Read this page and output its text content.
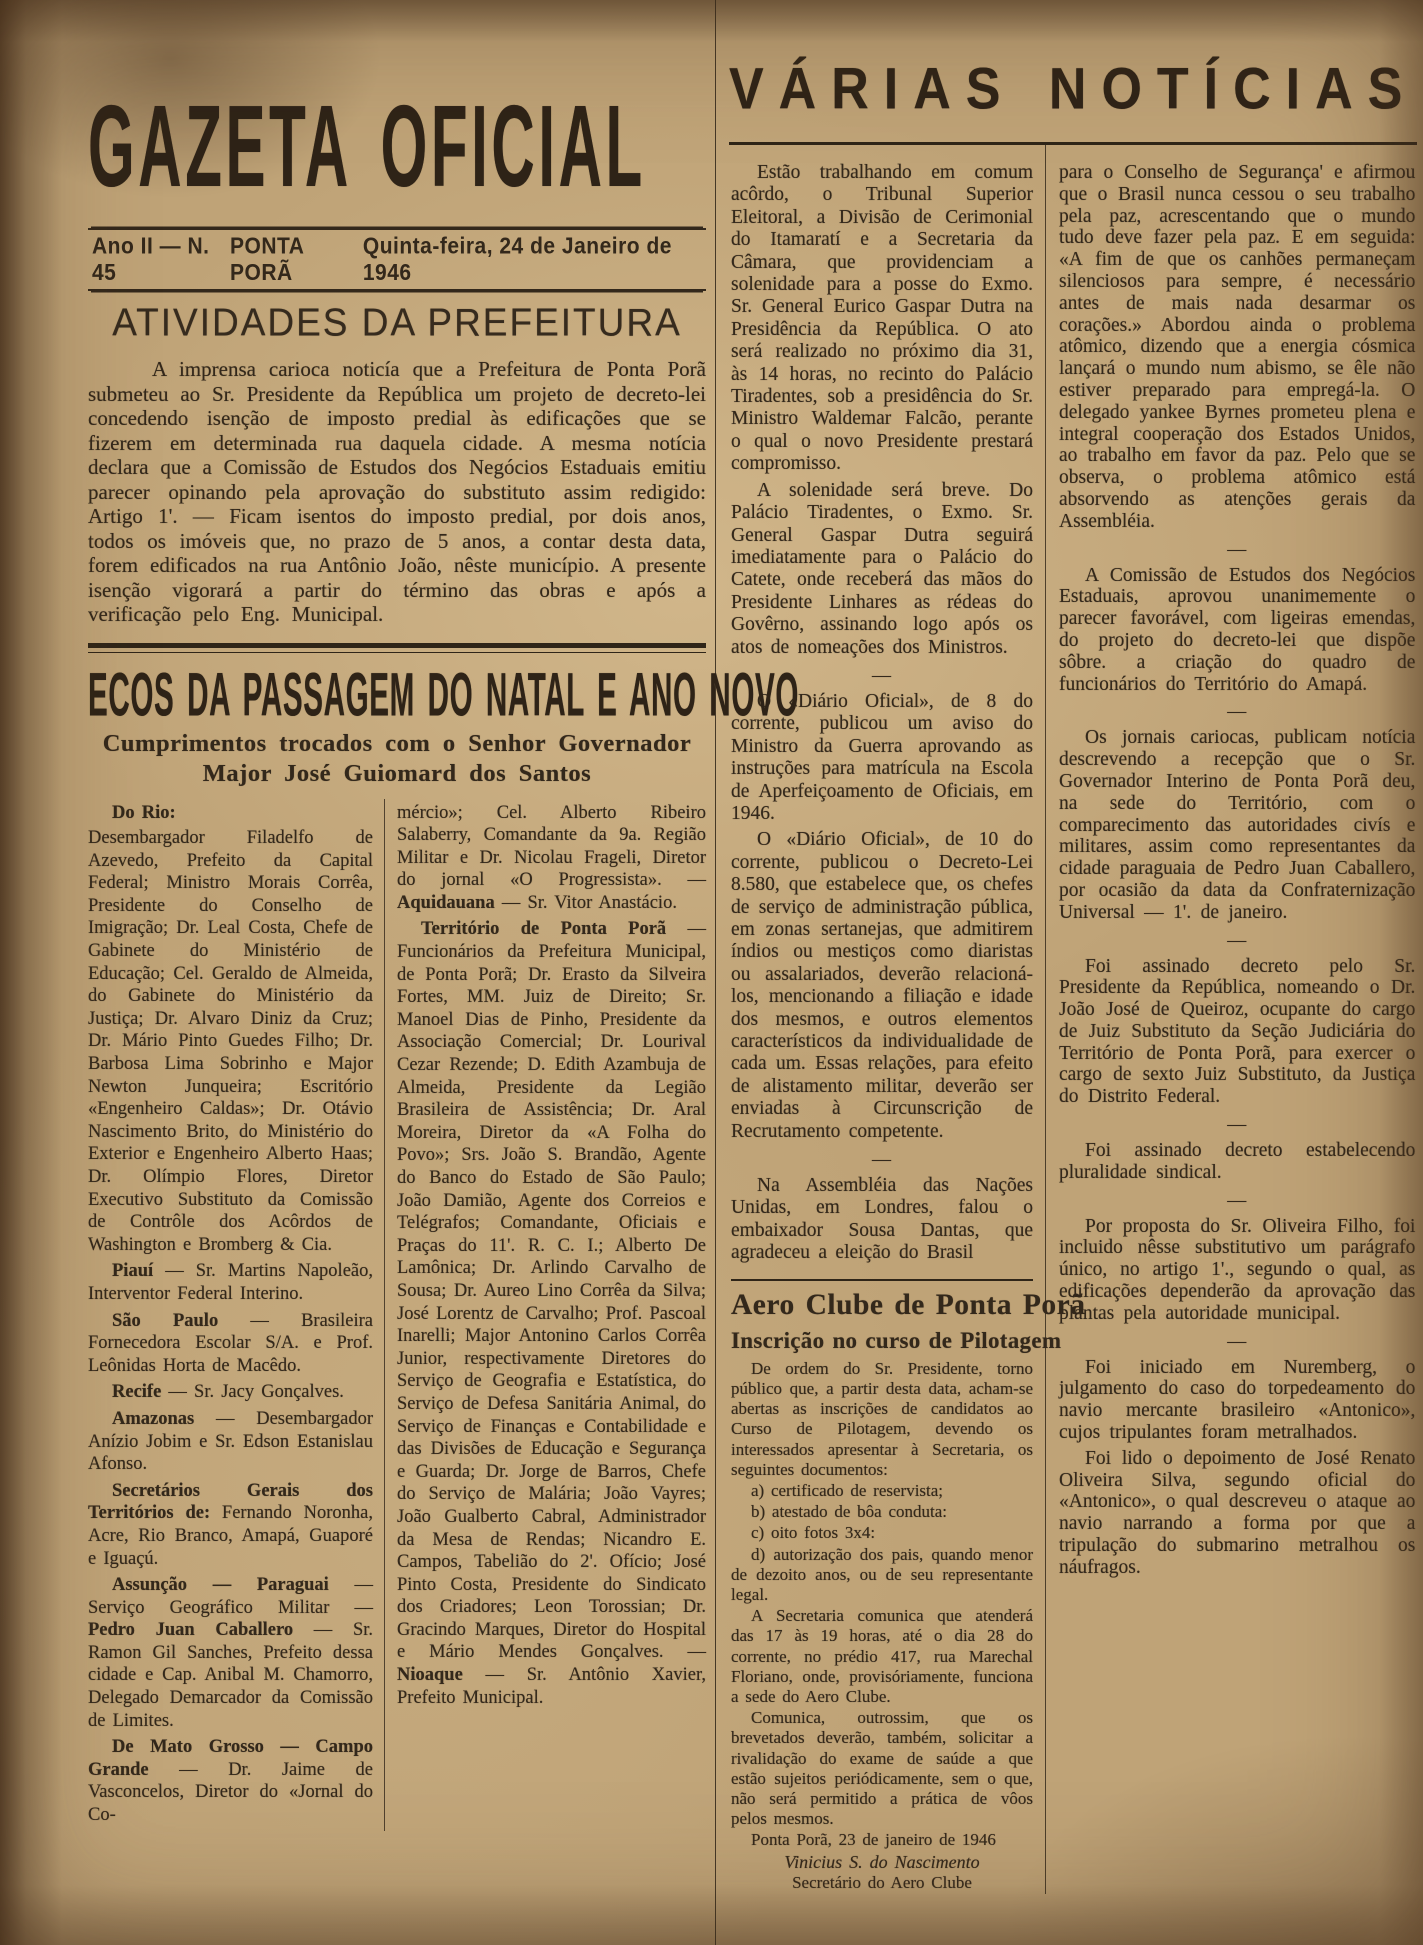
GAZETA OFICIAL
Ano II — N. 45
PONTA PORÃ
Quinta-feira, 24 de Janeiro de 1946
ATIVIDADES DA PREFEITURA

A imprensa carioca noticía que a Prefeitura de Ponta Porã submeteu ao Sr. Presidente da República um projeto de decreto-lei concedendo isenção de imposto predial às edificações que se fizerem em determinada rua daquela cidade. A mesma notícia declara que a Comissão de Estudos dos Negócios Estaduais emitiu parecer opinando pela aprovação do substituto assim redigido: Artigo 1'. — Ficam isentos do imposto predial, por dois anos, todos os imóveis que, no prazo de 5 anos, a contar desta data, forem edificados na rua Antônio João, nêste município. A presente isenção vigorará a partir do término das obras e após a verificação pelo Eng. Municipal.

ECOS DA PASSAGEM DO NATAL E ANO NOVO
Cumprimentos trocados com o Senhor Governador
Major José Guiomard dos Santos

Do Rio:

Desembargador Filadelfo de Azevedo, Prefeito da Capital Federal; Ministro Morais Corrêa, Presidente do Conselho de Imigração; Dr. Leal Costa, Chefe de Gabinete do Ministério de Educação; Cel. Geraldo de Almeida, do Gabinete do Ministério da Justiça; Dr. Alvaro Diniz da Cruz; Dr. Mário Pinto Guedes Filho; Dr. Barbosa Lima Sobrinho e Major Newton Junqueira; Escritório «Engenheiro Caldas»; Dr. Otávio Nascimento Brito, do Ministério do Exterior e Engenheiro Alberto Haas; Dr. Olímpio Flores, Diretor Executivo Substituto da Comissão de Contrôle dos Acôrdos de Washington e Bromberg & Cia.

Piauí — Sr. Martins Napoleão, Interventor Federal Interino.

São Paulo — Brasileira Fornecedora Escolar S/A. e Prof. Leônidas Horta de Macêdo.

Recife — Sr. Jacy Gonçalves.

Amazonas — Desembargador Anízio Jobim e Sr. Edson Estanislau Afonso.

Secretários Gerais dos Territórios de: Fernando Noronha, Acre, Rio Branco, Amapá, Guaporé e Iguaçú.

Assunção — Paraguai — Serviço Geográfico Militar — Pedro Juan Caballero — Sr. Ramon Gil Sanches, Prefeito dessa cidade e Cap. Anibal M. Chamorro, Delegado Demarcador da Comissão de Limites.

De Mato Grosso — Campo Grande — Dr. Jaime de Vasconcelos, Diretor do «Jornal do Co-

mércio»; Cel. Alberto Ribeiro Salaberry, Comandante da 9a. Região Militar e Dr. Nicolau Frageli, Diretor do jornal «O Progressista». — Aquidauana — Sr. Vitor Anastácio.

Território de Ponta Porã — Funcionários da Prefeitura Municipal, de Ponta Porã; Dr. Erasto da Silveira Fortes, MM. Juiz de Direito; Sr. Manoel Dias de Pinho, Presidente da Associação Comercial; Dr. Lourival Cezar Rezende; D. Edith Azambuja de Almeida, Presidente da Legião Brasileira de Assistência; Dr. Aral Moreira, Diretor da «A Folha do Povo»; Srs. João S. Brandão, Agente do Banco do Estado de São Paulo; João Damião, Agente dos Correios e Telégrafos; Comandante, Oficiais e Praças do 11'. R. C. I.; Alberto De Lamônica; Dr. Arlindo Carvalho de Sousa; Dr. Aureo Lino Corrêa da Silva; José Lorentz de Carvalho; Prof. Pascoal Inarelli; Major Antonino Carlos Corrêa Junior, respectivamente Diretores do Serviço de Geografia e Estatística, do Serviço de Defesa Sanitária Animal, do Serviço de Finanças e Contabilidade e das Divisões de Educação e Segurança e Guarda; Dr. Jorge de Barros, Chefe do Serviço de Malária; João Vayres; João Gualberto Cabral, Administrador da Mesa de Rendas; Nicandro E. Campos, Tabelião do 2'. Ofício; José Pinto Costa, Presidente do Sindicato dos Criadores; Leon Torossian; Dr. Gracindo Marques, Diretor do Hospital e Mário Mendes Gonçalves. — Nioaque — Sr. Antônio Xavier, Prefeito Municipal.

VÁRIAS NOTÍCIAS

Estão trabalhando em comum acôrdo, o Tribunal Superior Eleitoral, a Divisão de Cerimonial do Itamaratí e a Secretaria da Câmara, que providenciam a solenidade para a posse do Exmo. Sr. General Eurico Gaspar Dutra na Presidência da República. O ato será realizado no próximo dia 31, às 14 horas, no recinto do Palácio Tiradentes, sob a presidência do Sr. Ministro Waldemar Falcão, perante o qual o novo Presidente prestará compromisso.

A solenidade será breve. Do Palácio Tiradentes, o Exmo. Sr. General Gaspar Dutra seguirá imediatamente para o Palácio do Catete, onde receberá das mãos do Presidente Linhares as rédeas do Govêrno, assinando logo após os atos de nomeações dos Ministros.

—

O «Diário Oficial», de 8 do corrente, publicou um aviso do Ministro da Guerra aprovando as instruções para matrícula na Escola de Aperfeiçoamento de Oficiais, em 1946.

O «Diário Oficial», de 10 do corrente, publicou o Decreto-Lei 8.580, que estabelece que, os chefes de serviço de administração pública, em zonas sertanejas, que admitirem índios ou mestiços como diaristas ou assalariados, deverão relacioná-los, mencionando a filiação e idade dos mesmos, e outros elementos característicos da individualidade de cada um. Essas relações, para efeito de alistamento militar, deverão ser enviadas à Circunscrição de Recrutamento competente.

—

Na Assembléia das Nações Unidas, em Londres, falou o embaixador Sousa Dantas, que agradeceu a eleição do Brasil

Aero Clube de Ponta Porã
Inscrição no curso de Pilotagem

De ordem do Sr. Presidente, torno público que, a partir desta data, acham-se abertas as inscrições de candidatos ao Curso de Pilotagem, devendo os interessados apresentar à Secretaria, os seguintes documentos:

a) certificado de reservista;

b) atestado de bôa conduta:

c) oito fotos 3x4:

d) autorização dos pais, quando menor de dezoito anos, ou de seu representante legal.

A Secretaria comunica que atenderá das 17 às 19 horas, até o dia 28 do corrente, no prédio 417, rua Marechal Floriano, onde, provisóriamente, funciona a sede do Aero Clube.

Comunica, outrossim, que os brevetados deverão, também, solicitar a rivalidação do exame de saúde a que estão sujeitos periódicamente, sem o que, não será permitido a prática de vôos pelos mesmos.

Ponta Porã, 23 de janeiro de 1946

Vinicius S. do Nascimento

Secretário do Aero Clube

para o Conselho de Segurança' e afirmou que o Brasil nunca cessou o seu trabalho pela paz, acrescentando que o mundo tudo deve fazer pela paz. E em seguida: «A fim de que os canhões permaneçam silenciosos para sempre, é necessário antes de mais nada desarmar os corações.» Abordou ainda o problema atômico, dizendo que a energia cósmica lançará o mundo num abismo, se êle não estiver preparado para empregá-la. O delegado yankee Byrnes prometeu plena e integral cooperação dos Estados Unidos, ao trabalho em favor da paz. Pelo que se observa, o problema atômico está absorvendo as atenções gerais da Assembléia.

—

A Comissão de Estudos dos Negócios Estaduais, aprovou unanimemente o parecer favorável, com ligeiras emendas, do projeto do decreto-lei que dispõe sôbre. a criação do quadro de funcionários do Território do Amapá.

—

Os jornais cariocas, publicam notícia descrevendo a recepção que o Sr. Governador Interino de Ponta Porã deu, na sede do Território, com o comparecimento das autoridades civís e militares, assim como representantes da cidade paraguaia de Pedro Juan Caballero, por ocasião da data da Confraternização Universal — 1'. de janeiro.

—

Foi assinado decreto pelo Sr. Presidente da República, nomeando o Dr. João José de Queiroz, ocupante do cargo de Juiz Substituto da Seção Judiciária do Território de Ponta Porã, para exercer o cargo de sexto Juiz Substituto, da Justiça do Distrito Federal.

—

Foi assinado decreto estabelecendo pluralidade sindical.

—

Por proposta do Sr. Oliveira Filho, foi incluido nêsse substitutivo um parágrafo único, no artigo 1'., segundo o qual, as edificações dependerão da aprovação das plantas pela autoridade municipal.

—

Foi iniciado em Nuremberg, o julgamento do caso do torpedeamento do navio mercante brasileiro «Antonico», cujos tripulantes foram metralhados.

Foi lido o depoimento de José Renato Oliveira Silva, segundo oficial do «Antonico», o qual descreveu o ataque ao navio narrando a forma por que a tripulação do submarino metralhou os náufragos.
